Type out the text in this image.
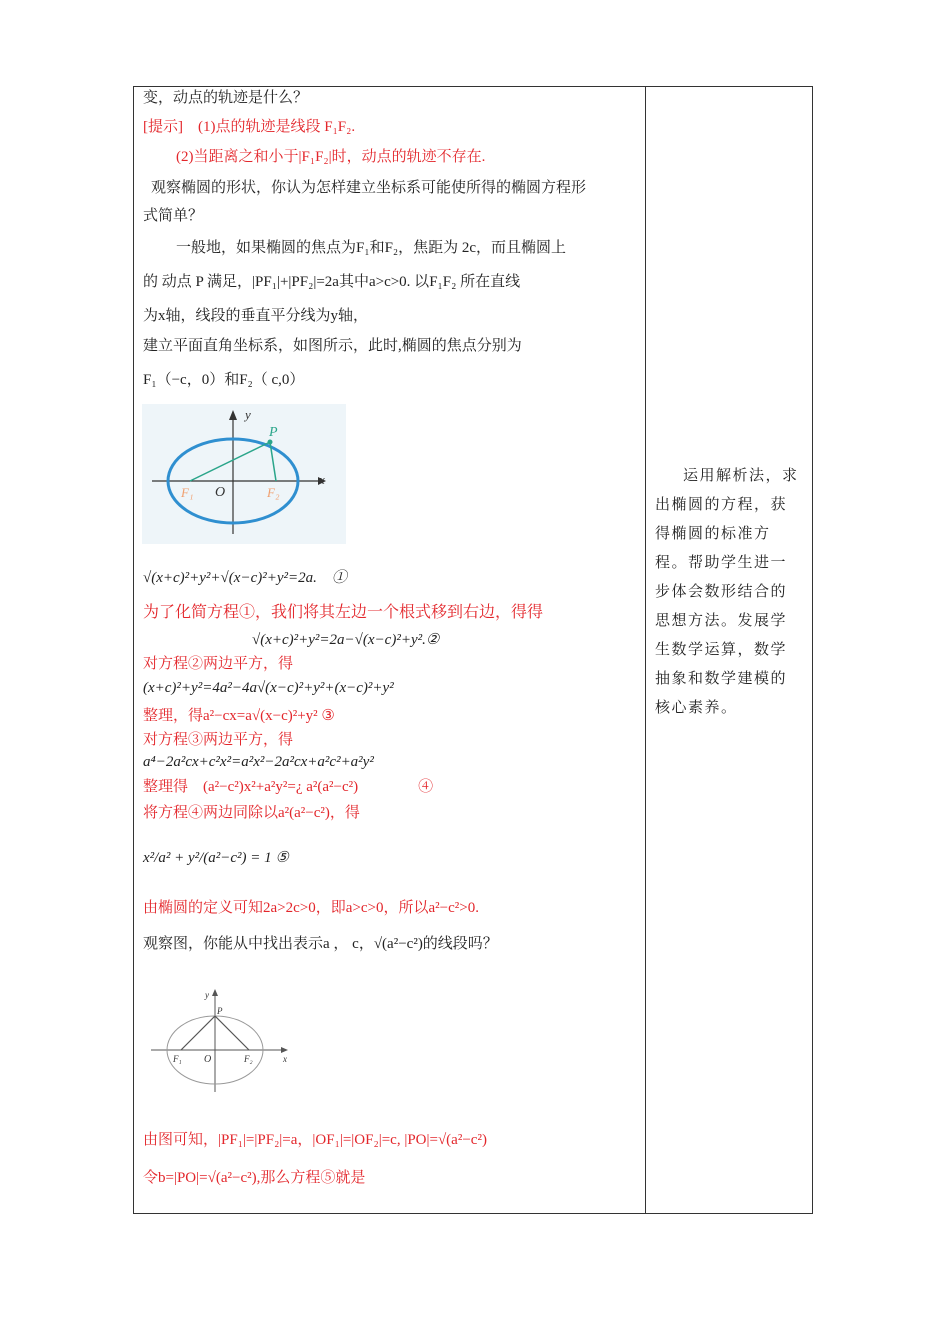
变，动点的轨迹是什么？
[提示]　(1)点的轨迹是线段 F₁F₂.
(2)当距离之和小于|F₁F₂|时，动点的轨迹不存在.
观察椭圆的形状，你认为怎样建立坐标系可能使所得的椭圆方程形
式简单？
一般地，如果椭圆的焦点为F₁和F₂，焦距为 2c，而且椭圆上
的 动点 P 满足，|PF₁|+|PF₂|=2a其中a>c>0. 以F₁F₂ 所在直线
为x轴，线段的垂直平分线为y轴，
建立平面直角坐标系，如图所示，此时,椭圆的焦点分别为
F₁（−c，0）和F₂（ c,0）
y
x
O
P
F₁	F₂
√(x+c)²+y²+√(x−c)²+y²=2a.　①
为了化简方程①，我们将其左边一个根式移到右边，得得
√(x+c)²+y²=2a−√(x−c)²+y².②
对方程②两边平方，得
(x+c)²+y²=4a²−4a√(x−c)²+y²+(x−c)²+y²
整理，得a²−cx=a√(x−c)²+y² ③
对方程③两边平方，得
a⁴−2a²cx+c²x²=a²x²−2a²cx+a²c²+a²y²
整理得　(a²−c²)x²+a²y²=¿ a²(a²−c²)　　　　④
将方程④两边同除以a²(a²−c²)，得
x²/a² + y²/(a²−c²) = 1 ⑤
由椭圆的定义可知2a>2c>0，即a>c>0，所以a²−c²>0.
观察图，你能从中找出表示a ， c，√(a²−c²)的线段吗？
y
x
O
P
F₁	F₂
由图可知，|PF₁|=|PF₂|=a，|OF₁|=|OF₂|=c, |PO|=√(a²−c²)
令b=|PO|=√(a²−c²),那么方程⑤就是
运用解析法，求
出椭圆的方程，获
得椭圆的标准方
程。帮助学生进一
步体会数形结合的
思想方法。发展学
生数学运算，数学
抽象和数学建模的
核心素养。
